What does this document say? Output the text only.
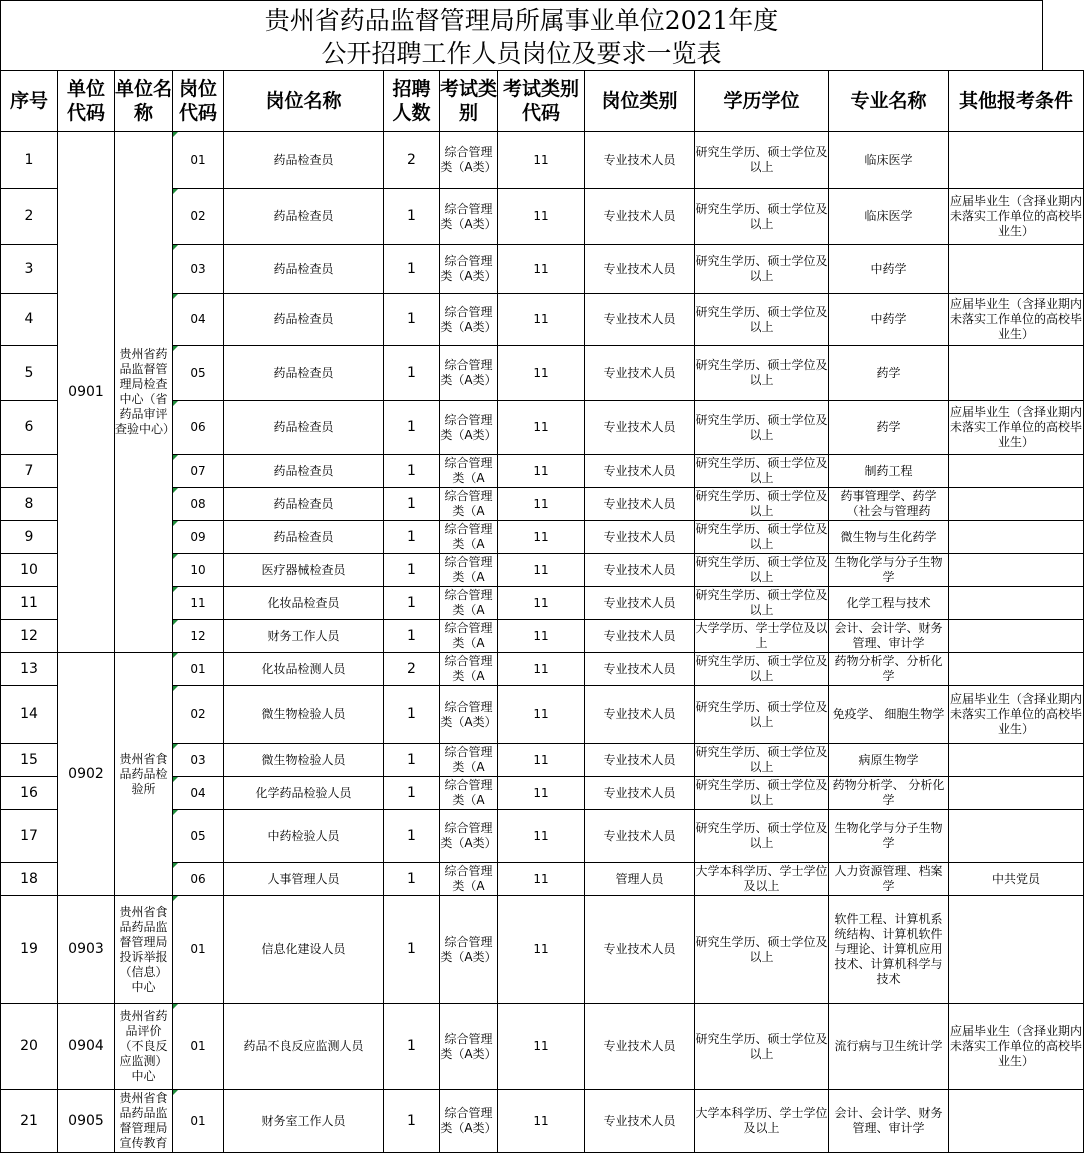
贵州省药品监督管理局所属事业单位2021年度
公开招聘工作人员岗位及要求一览表
序号	单位代码	单位名称	岗位代码	岗位名称	招聘人数	考试类别	考试类别代码	岗位类别	学历学位	专业名称	其他报考条件
1	0901	贵州省药品监督管理局检查中心（省药品审评查验中心）	01	药品检查员	2	综合管理类（A类）	11	专业技术人员	研究生学历、硕士学位及以上	临床医学	
2			02	药品检查员	1	综合管理类（A类）	11	专业技术人员	研究生学历、硕士学位及以上	临床医学	应届毕业生（含择业期内未落实工作单位的高校毕业生）
3			03	药品检查员	1	综合管理类（A类）	11	专业技术人员	研究生学历、硕士学位及以上	中药学	
4			04	药品检查员	1	综合管理类（A类）	11	专业技术人员	研究生学历、硕士学位及以上	中药学	应届毕业生（含择业期内未落实工作单位的高校毕业生）
5			05	药品检查员	1	综合管理类（A类）	11	专业技术人员	研究生学历、硕士学位及以上	药学	
6			06	药品检查员	1	综合管理类（A类）	11	专业技术人员	研究生学历、硕士学位及以上	药学	应届毕业生（含择业期内未落实工作单位的高校毕业生）
7			07	药品检查员	1	综合管理类（A	11	专业技术人员	研究生学历、硕士学位及以上	制药工程	
8			08	药品检查员	1	综合管理类（A	11	专业技术人员	研究生学历、硕士学位及以上	药事管理学、药学（社会与管理药	
9			09	药品检查员	1	综合管理类（A	11	专业技术人员	研究生学历、硕士学位及以上	微生物与生化药学	
10			10	医疗器械检查员	1	综合管理类（A	11	专业技术人员	研究生学历、硕士学位及以上	生物化学与分子生物学	
11			11	化妆品检查员	1	综合管理类（A	11	专业技术人员	研究生学历、硕士学位及以上	化学工程与技术	
12			12	财务工作人员	1	综合管理类（A	11	专业技术人员	大学学历、学士学位及以上	会计、会计学、财务管理、审计学	
13	0902	贵州省食品药品检验所	01	化妆品检测人员	2	综合管理类（A	11	专业技术人员	研究生学历、硕士学位及以上	药物分析学、分析化学	
14			02	微生物检验人员	1	综合管理类（A类）	11	专业技术人员	研究生学历、硕士学位及以上	免疫学、 细胞生物学	应届毕业生（含择业期内未落实工作单位的高校毕业生）
15			03	微生物检验人员	1	综合管理类（A	11	专业技术人员	研究生学历、硕士学位及以上	病原生物学	
16			04	化学药品检验人员	1	综合管理类（A	11	专业技术人员	研究生学历、硕士学位及以上	药物分析学、 分析化学	
17			05	中药检验人员	1	综合管理类（A类）	11	专业技术人员	研究生学历、硕士学位及以上	生物化学与分子生物学	
18			06	人事管理人员	1	综合管理类（A	11	管理人员	大学本科学历、学士学位及以上	人力资源管理、档案学	中共党员
19	0903	贵州省食品药品监督管理局投诉举报（信息）中心	01	信息化建设人员	1	综合管理类（A类）	11	专业技术人员	研究生学历、硕士学位及以上	软件工程、计算机系统结构、计算机软件与理论、计算机应用技术、计算机科学与技术	
20	0904	贵州省药品评价（不良反应监测）中心	01	药品不良反应监测人员	1	综合管理类（A类）	11	专业技术人员	研究生学历、硕士学位及以上	流行病与卫生统计学	应届毕业生（含择业期内未落实工作单位的高校毕业生）
21	0905	贵州省食品药品监督管理局宣传教育	01	财务室工作人员	1	综合管理类（A类）	11	专业技术人员	大学本科学历、学士学位及以上	会计、会计学、财务管理、审计学	
